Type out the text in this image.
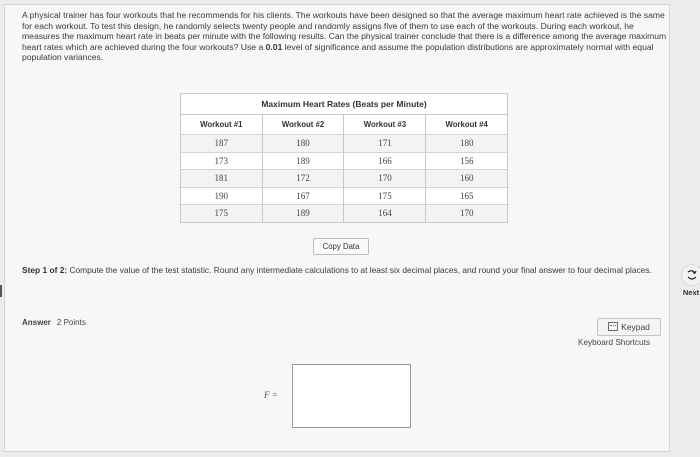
A physical trainer has four workouts that he recommends for his clients. The workouts have been designed so that the average maximum heart rate achieved is the same for each workout. To test this design, he randomly selects twenty people and randomly assigns five of them to use each of the workouts. During each workout, he measures the maximum heart rate in beats per minute with the following results. Can the physical trainer conclude that there is a difference among the average maximum heart rates which are achieved during the four workouts? Use a 0.01 level of significance and assume the population distributions are approximately normal with equal population variances.
Maximum Heart Rates (Beats per Minute)
Workout #1	Workout #2	Workout #3	Workout #4
187	180	171	180
173	189	166	156
181	172	170	160
190	167	175	165
175	189	164	170
Copy Data
Step 1 of 2: Compute the value of the test statistic. Round any intermediate calculations to at least six decimal places, and round your final answer to four decimal places.
Answer 2 Points	Keypad
Keyboard Shortcuts
F =
Next
